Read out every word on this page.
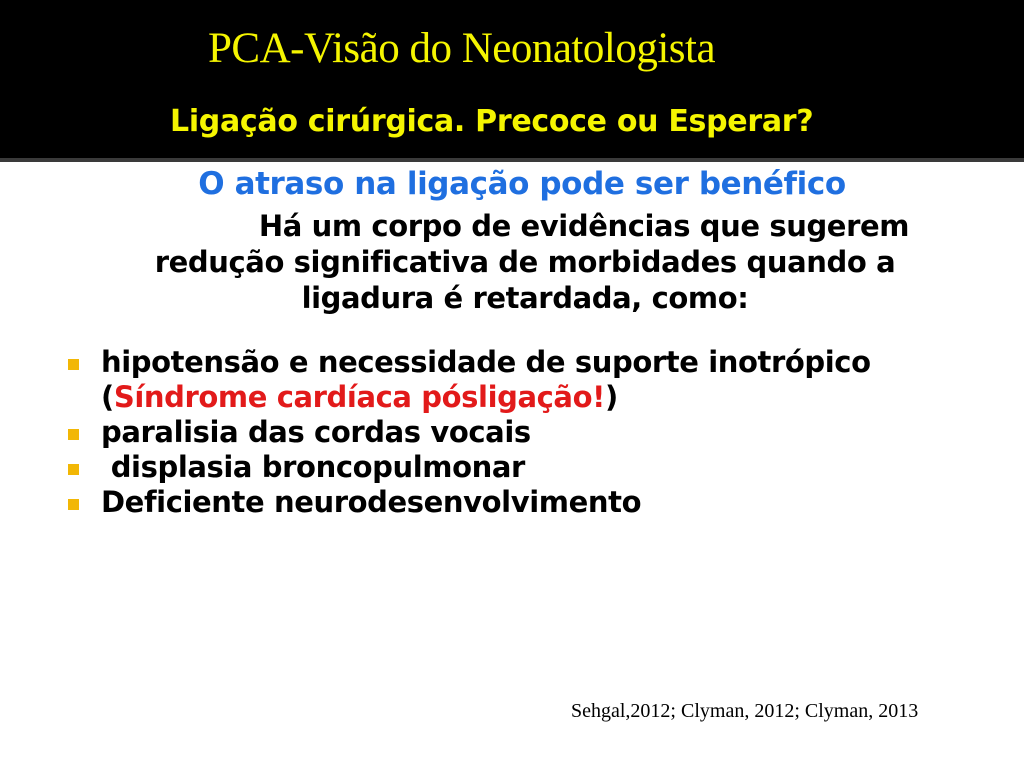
PCA-Visão do Neonatologista
Ligação cirúrgica. Precoce ou Esperar?

O atraso na ligação pode ser benéfico

Há um corpo de evidências que sugerem
redução significativa de morbidades quando a
ligadura é retardada, como:

hipotensão e necessidade de suporte inotrópico
(Síndrome cardíaca pósligação!)
paralisia das cordas vocais
displasia broncopulmonar
Deficiente neurodesenvolvimento

Sehgal,2012; Clyman, 2012; Clyman, 2013
